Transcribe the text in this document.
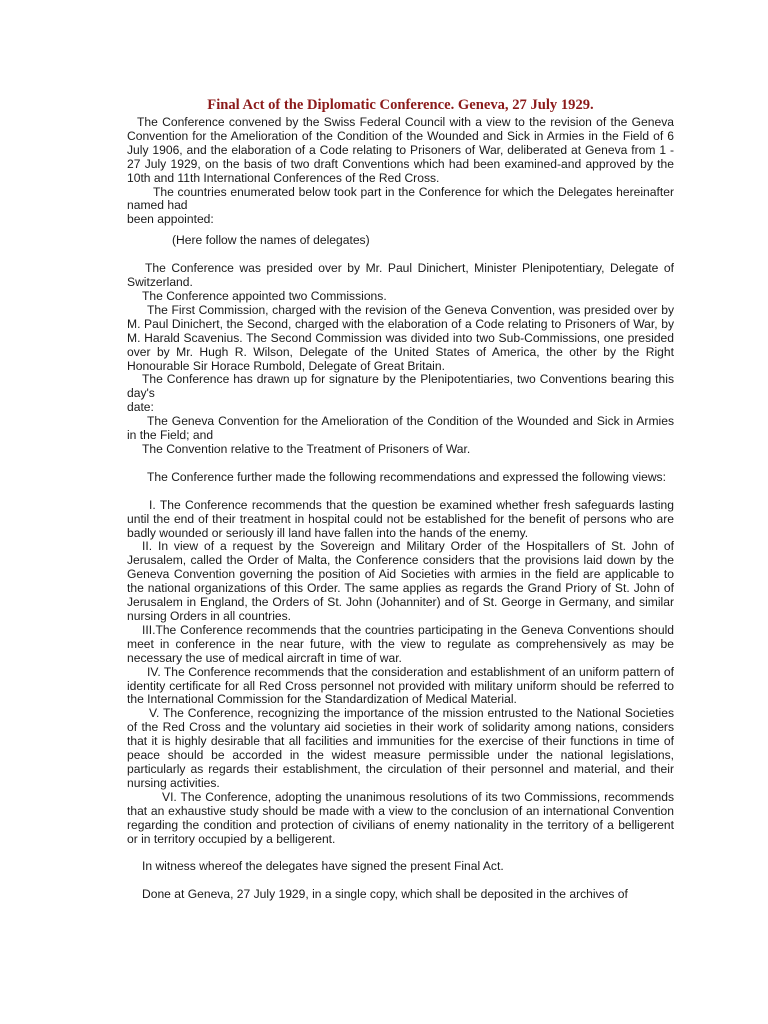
Final Act of the Diplomatic Conference. Geneva, 27 July 1929.

The Conference convened by the Swiss Federal Council with a view to the revision of the Geneva Convention for the Amelioration of the Condition of the Wounded and Sick in Armies in the Field of 6 July 1906, and the elaboration of a Code relating to Prisoners of War, deliberated at Geneva from 1 - 27 July 1929, on the basis of two draft Conventions which had been examined-and approved by the 10th and 11th International Conferences of the Red Cross.

The countries enumerated below took part in the Conference for which the Delegates hereinafter named had

been appointed:

(Here follow the names of delegates)

The Conference was presided over by Mr. Paul Dinichert, Minister Plenipotentiary, Delegate of Switzerland.

The Conference appointed two Commissions.

The First Commission, charged with the revision of the Geneva Convention, was presided over by M. Paul Dinichert, the Second, charged with the elaboration of a Code relating to Prisoners of War, by M. Harald Scavenius. The Second Commission was divided into two Sub-Commissions, one presided over by Mr. Hugh R. Wilson, Delegate of the United States of America, the other by the Right Honourable Sir Horace Rumbold, Delegate of Great Britain.

The Conference has drawn up for signature by the Plenipotentiaries, two Conventions bearing this day's

date:

The Geneva Convention for the Amelioration of the Condition of the Wounded and Sick in Armies in the Field; and

The Convention relative to the Treatment of Prisoners of War.

The Conference further made the following recommendations and expressed the following views:

I. The Conference recommends that the question be examined whether fresh safeguards lasting until the end of their treatment in hospital could not be established for the benefit of persons who are badly wounded or seriously ill land have fallen into the hands of the enemy.

II. In view of a request by the Sovereign and Military Order of the Hospitallers of St. John of Jerusalem, called the Order of Malta, the Conference considers that the provisions laid down by the Geneva Convention governing the position of Aid Societies with armies in the field are applicable to the national organizations of this Order. The same applies as regards the Grand Priory of St. John of Jerusalem in England, the Orders of St. John (Johanniter) and of St. George in Germany, and similar nursing Orders in all countries.

III.The Conference recommends that the countries participating in the Geneva Conventions should meet in conference in the near future, with the view to regulate as comprehensively as may be necessary the use of medical aircraft in time of war.

IV. The Conference recommends that the consideration and establishment of an uniform pattern of identity certificate for all Red Cross personnel not provided with military uniform should be referred to the International Commission for the Standardization of Medical Material.

V. The Conference, recognizing the importance of the mission entrusted to the National Societies of the Red Cross and the voluntary aid societies in their work of solidarity among nations, considers that it is highly desirable that all facilities and immunities for the exercise of their functions in time of peace should be accorded in the widest measure permissible under the national legislations, particularly as regards their establishment, the circulation of their personnel and material, and their nursing activities.

VI. The Conference, adopting the unanimous resolutions of its two Commissions, recommends that an exhaustive study should be made with a view to the conclusion of an international Convention regarding the condition and protection of civilians of enemy nationality in the territory of a belligerent or in territory occupied by a belligerent.

In witness whereof the delegates have signed the present Final Act.

Done at Geneva, 27 July 1929, in a single copy, which shall be deposited in the archives of
